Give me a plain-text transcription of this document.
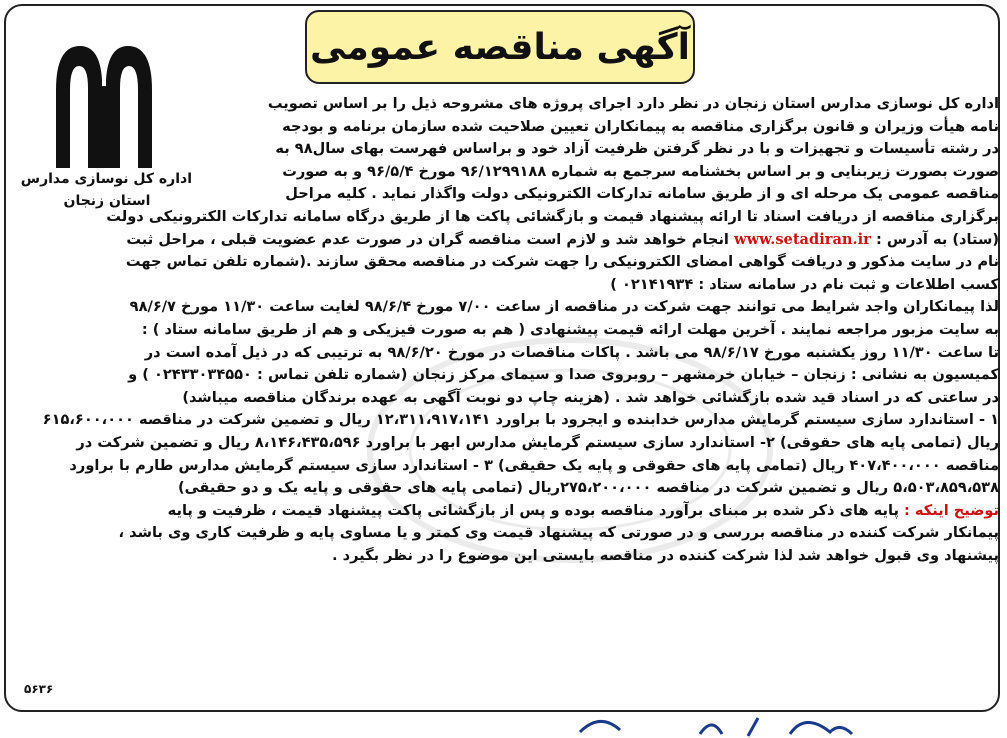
آگهی مناقصه عمومی
اداره کل نوسازی مدارس
استان زنجان
اداره کل نوسازی مدارس استان زنجان در نظر دارد اجرای پروژه های مشروحه ذیل را بر اساس تصویب
نامه هیأت وزیران و قانون برگزاری مناقصه به پیمانکاران تعیین صلاحیت شده سازمان برنامه و بودجه
در رشته تأسیسات و تجهیزات و با در نظر گرفتن ظرفیت آزاد خود و براساس فهرست بهای سال۹۸ به
صورت بصورت زیربنایی و بر اساس بخشنامه سرجمع به شماره ۹۶/۱۲۹۹۱۸۸ مورخ ۹۶/۵/۴ و به صورت
مناقصه عمومی یک مرحله ای و از طریق سامانه تدارکات الکترونیکی دولت واگذار نماید . کلیه مراحل
برگزاری مناقصه از دریافت اسناد تا ارائه پیشنهاد قیمت و بازگشائی پاکت ها از طریق درگاه سامانه تدارکات الکترونیکی دولت
(ستاد) به آدرس : www.setadiran.ir انجام خواهد شد و لازم است مناقصه گران در صورت عدم عضویت قبلی ، مراحل ثبت
نام در سایت مذکور و دریافت گواهی امضای الکترونیکی را جهت شرکت در مناقصه محقق سازند .(شماره تلفن تماس جهت
کسب اطلاعات و ثبت نام در سامانه ستاد : ۰۲۱۴۱۹۳۴ )
لذا پیمانکاران واجد شرایط می توانند جهت شرکت در مناقصه از ساعت ۷/۰۰ مورخ ۹۸/۶/۴ لغایت ساعت ۱۱/۳۰ مورخ ۹۸/۶/۷
به سایت مزبور مراجعه نمایند . آخرین مهلت ارائه قیمت پیشنهادی ( هم به صورت فیزیکی و هم از طریق سامانه ستاد ) :
تا ساعت ۱۱/۳۰ روز یکشنبه مورخ ۹۸/۶/۱۷ می باشد . پاکات مناقصات در مورخ ۹۸/۶/۲۰ به ترتیبی که در ذیل آمده است در
کمیسیون به نشانی : زنجان – خیابان خرمشهر – روبروی صدا و سیمای مرکز زنجان (شماره تلفن تماس : ۰۲۴۳۳۰۳۴۵۵۰ ) و
در ساعتی که در اسناد قید شده بازگشائی خواهد شد . (هزینه چاپ دو نوبت آگهی به عهده برندگان مناقصه میباشد)
۱ - استاندارد سازی سیستم گرمایش مدارس خدابنده و ایجرود با براورد ۱۲،۳۱۱،۹۱۷،۱۴۱ ریال و تضمین شرکت در مناقصه ۶۱۵،۶۰۰،۰۰۰
ریال (تمامی پایه های حقوقی) ۲- استاندارد سازی سیستم گرمایش مدارس ابهر با براورد ۸،۱۴۶،۴۳۵،۵۹۶ ریال و تضمین شرکت در
مناقصه ۴۰۷،۴۰۰،۰۰۰ ریال (تمامی پایه های حقوقی و پایه یک حقیقی) ۳ - استاندارد سازی سیستم گرمایش مدارس طارم با براورد
۵،۵۰۳،۸۵۹،۵۳۸ ریال و تضمین شرکت در مناقصه ۲۷۵،۲۰۰،۰۰۰ریال (تمامی پایه های حقوقی و پایه یک و دو حقیقی)
توضیح اینکه : پایه های ذکر شده بر مبنای برآورد مناقصه بوده و پس از بازگشائی پاکت پیشنهاد قیمت ، ظرفیت و پایه
پیمانکار شرکت کننده در مناقصه بررسی و در صورتی که پیشنهاد قیمت وی کمتر و یا مساوی پایه و ظرفیت کاری وی باشد ،
پیشنهاد وی قبول خواهد شد لذا شرکت کننده در مناقصه بایستی این موضوع را در نظر بگیرد .
۵۶۳۶
